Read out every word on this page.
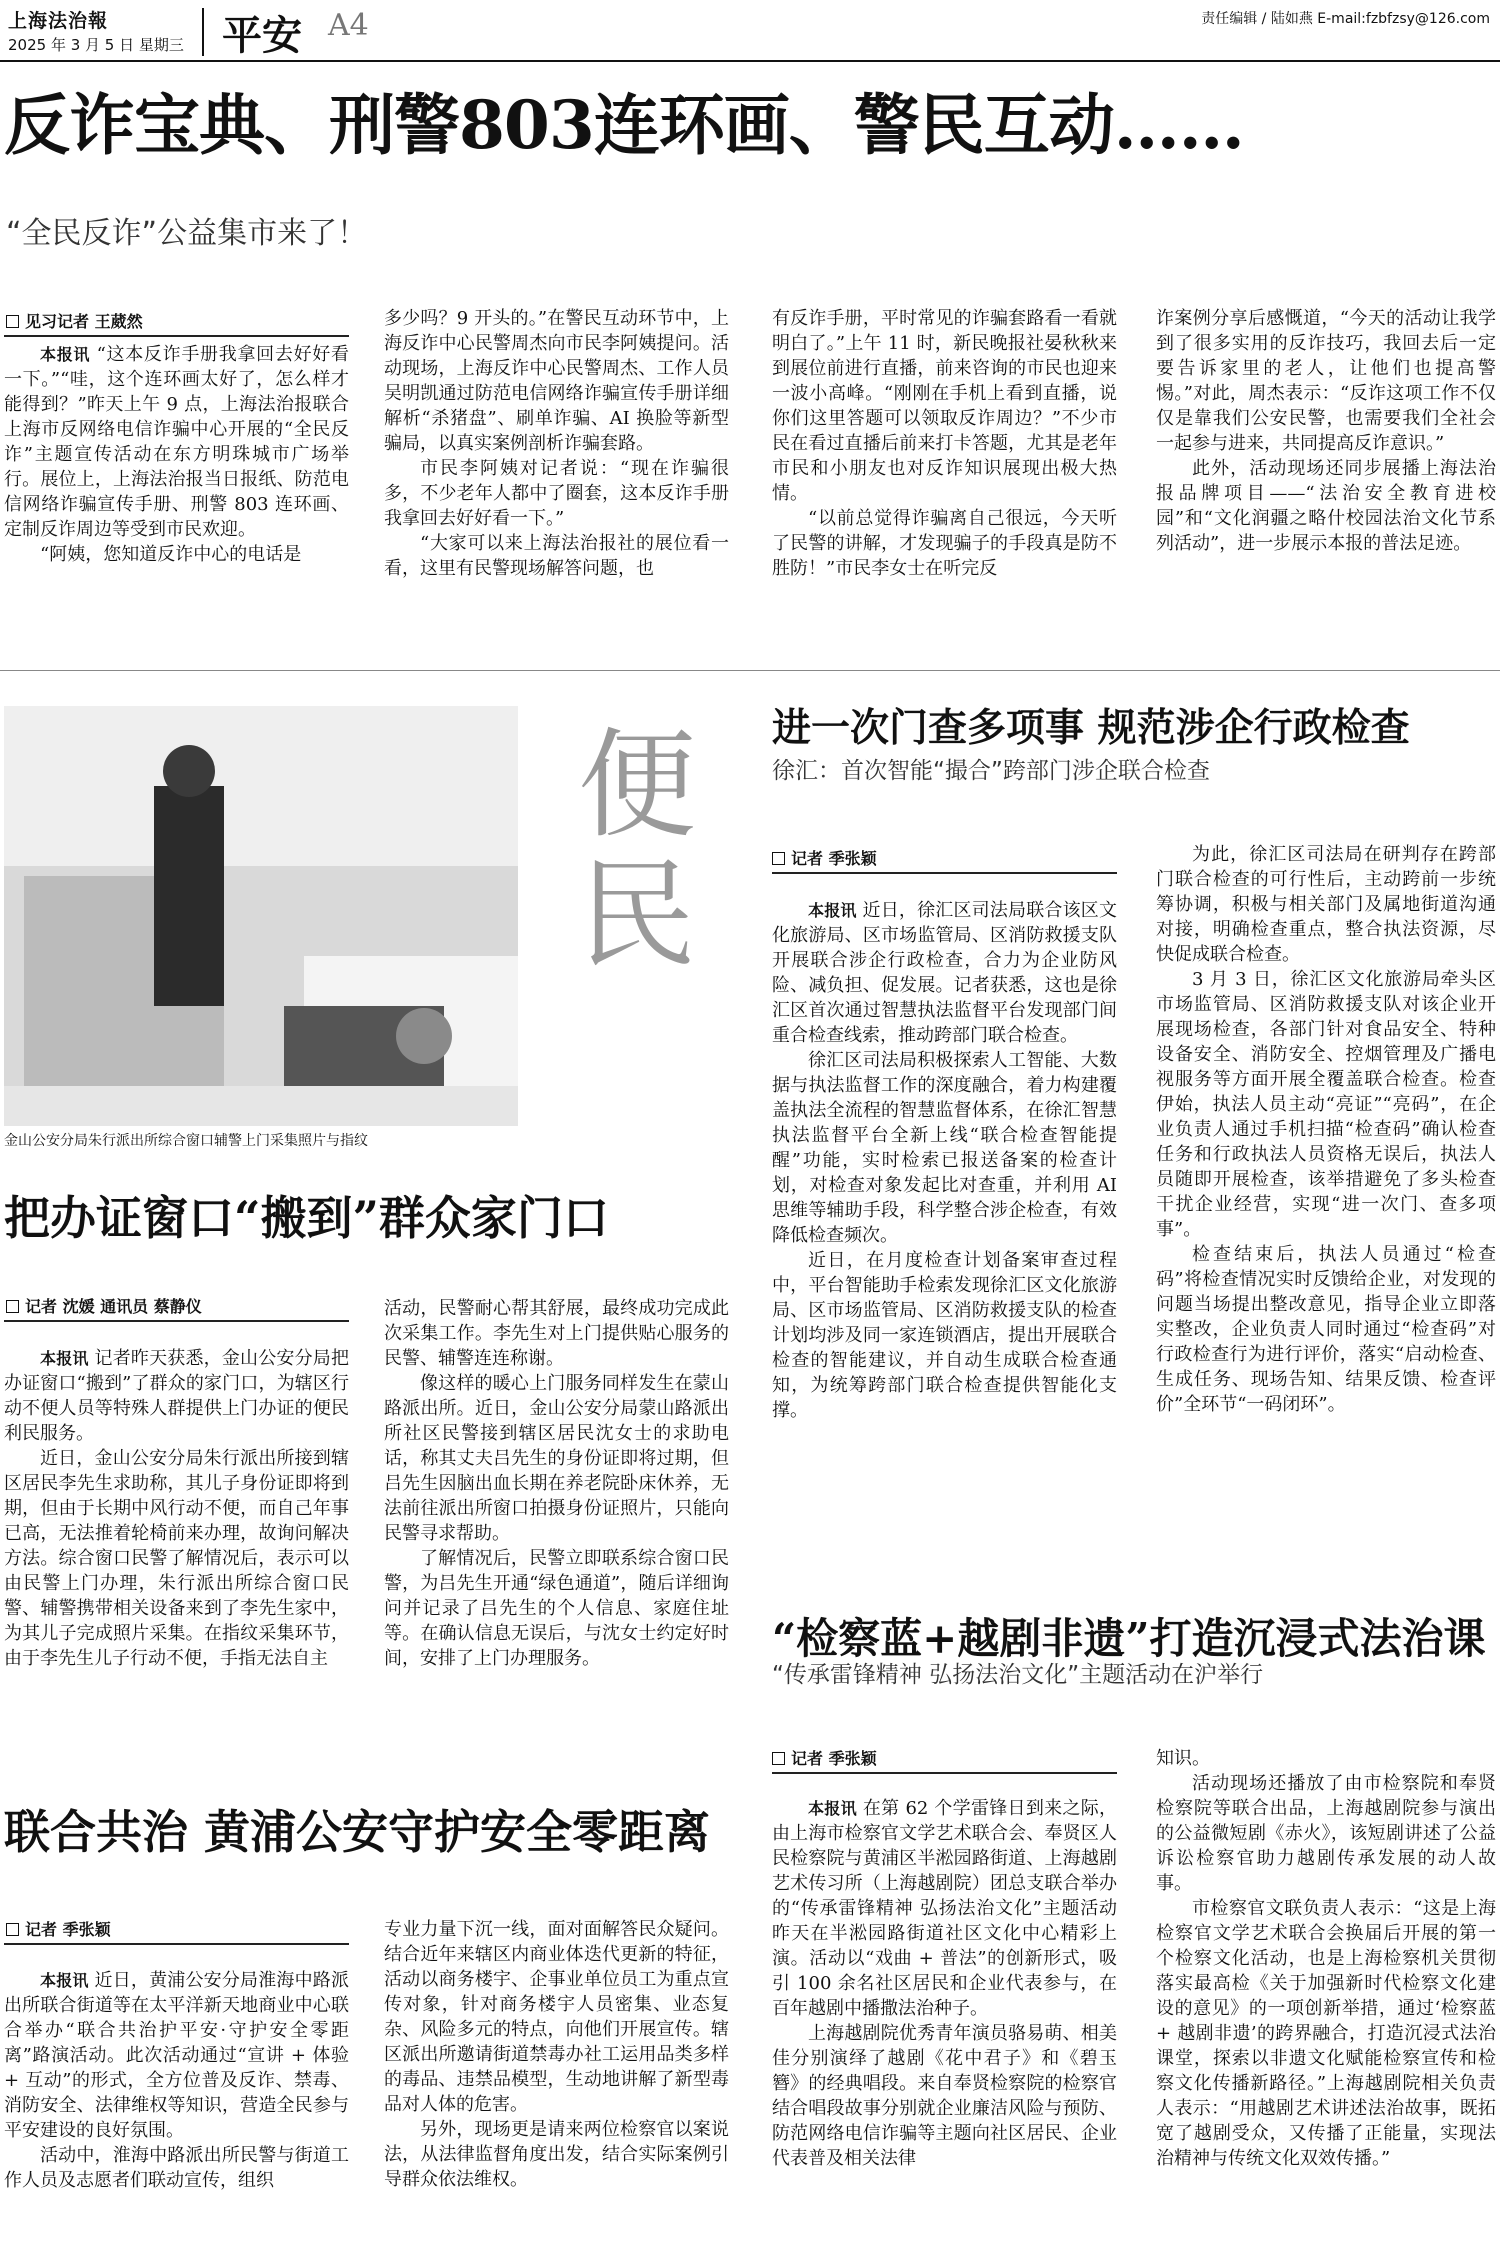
上海法治報
2025 年 3 月 5 日 星期三 平安 A4	责任编辑 / 陆如燕 E-mail:fzbfzsy@126.com
反诈宝典、刑警803连环画、警民互动……
“全民反诈”公益集市来了！
见习记者 王葳然

本报讯 “这本反诈手册我拿回去好好看一下。”“哇，这个连环画太好了，怎么样才能得到？”昨天上午 9 点，上海法治报联合上海市反网络电信诈骗中心开展的“全民反诈”主题宣传活动在东方明珠城市广场举行。展位上，上海法治报当日报纸、防范电信网络诈骗宣传手册、刑警 803 连环画、定制反诈周边等受到市民欢迎。

“阿姨，您知道反诈中心的电话是

多少吗？9 开头的。”在警民互动环节中，上海反诈中心民警周杰向市民李阿姨提问。活动现场，上海反诈中心民警周杰、工作人员吴明凯通过防范电信网络诈骗宣传手册详细解析“杀猪盘”、刷单诈骗、AI 换脸等新型骗局，以真实案例剖析诈骗套路。

市民李阿姨对记者说：“现在诈骗很多，不少老年人都中了圈套，这本反诈手册我拿回去好好看一下。”

“大家可以来上海法治报社的展位看一看，这里有民警现场解答问题，也

有反诈手册，平时常见的诈骗套路看一看就明白了。”上午 11 时，新民晚报社晏秋秋来到展位前进行直播，前来咨询的市民也迎来一波小高峰。“刚刚在手机上看到直播，说你们这里答题可以领取反诈周边？”不少市民在看过直播后前来打卡答题，尤其是老年市民和小朋友也对反诈知识展现出极大热情。

“以前总觉得诈骗离自己很远，今天听了民警的讲解，才发现骗子的手段真是防不胜防！”市民李女士在听完反

诈案例分享后感慨道，“今天的活动让我学到了很多实用的反诈技巧，我回去后一定要告诉家里的老人，让他们也提高警惕。”对此，周杰表示：“反诈这项工作不仅仅是靠我们公安民警，也需要我们全社会一起参与进来，共同提高反诈意识。”

此外，活动现场还同步展播上海法治报品牌项目——“法治安全教育进校园”和“文化润疆之略什校园法治文化节系列活动”，进一步展示本报的普法足迹。

金山公安分局朱行派出所综合窗口辅警上门采集照片与指纹
便民
把办证窗口“搬到”群众家门口
记者 沈媛 通讯员 蔡静仪

本报讯 记者昨天获悉，金山公安分局把办证窗口“搬到”了群众的家门口，为辖区行动不便人员等特殊人群提供上门办证的便民利民服务。

近日，金山公安分局朱行派出所接到辖区居民李先生求助称，其儿子身份证即将到期，但由于长期中风行动不便，而自己年事已高，无法推着轮椅前来办理，故询问解决方法。综合窗口民警了解情况后，表示可以由民警上门办理，朱行派出所综合窗口民警、辅警携带相关设备来到了李先生家中，为其儿子完成照片采集。在指纹采集环节，由于李先生儿子行动不便，手指无法自主

活动，民警耐心帮其舒展，最终成功完成此次采集工作。李先生对上门提供贴心服务的民警、辅警连连称谢。

像这样的暖心上门服务同样发生在蒙山路派出所。近日，金山公安分局蒙山路派出所社区民警接到辖区居民沈女士的求助电话，称其丈夫吕先生的身份证即将过期，但吕先生因脑出血长期在养老院卧床休养，无法前往派出所窗口拍摄身份证照片，只能向民警寻求帮助。

了解情况后，民警立即联系综合窗口民警，为吕先生开通“绿色通道”，随后详细询问并记录了吕先生的个人信息、家庭住址等。在确认信息无误后，与沈女士约定好时间，安排了上门办理服务。

进一次门查多项事 规范涉企行政检查
徐汇：首次智能“撮合”跨部门涉企联合检查
记者 季张颖

本报讯 近日，徐汇区司法局联合该区文化旅游局、区市场监管局、区消防救援支队开展联合涉企行政检查，合力为企业防风险、减负担、促发展。记者获悉，这也是徐汇区首次通过智慧执法监督平台发现部门间重合检查线索，推动跨部门联合检查。

徐汇区司法局积极探索人工智能、大数据与执法监督工作的深度融合，着力构建覆盖执法全流程的智慧监督体系，在徐汇智慧执法监督平台全新上线“联合检查智能提醒”功能，实时检索已报送备案的检查计划，对检查对象发起比对查重，并利用 AI 思维等辅助手段，科学整合涉企检查，有效降低检查频次。

近日，在月度检查计划备案审查过程中，平台智能助手检索发现徐汇区文化旅游局、区市场监管局、区消防救援支队的检查计划均涉及同一家连锁酒店，提出开展联合检查的智能建议，并自动生成联合检查通知，为统筹跨部门联合检查提供智能化支撑。

为此，徐汇区司法局在研判存在跨部门联合检查的可行性后，主动跨前一步统筹协调，积极与相关部门及属地街道沟通对接，明确检查重点，整合执法资源，尽快促成联合检查。

3 月 3 日，徐汇区文化旅游局牵头区市场监管局、区消防救援支队对该企业开展现场检查，各部门针对食品安全、特种设备安全、消防安全、控烟管理及广播电视服务等方面开展全覆盖联合检查。检查伊始，执法人员主动“亮证”“亮码”，在企业负责人通过手机扫描“检查码”确认检查任务和行政执法人员资格无误后，执法人员随即开展检查，该举措避免了多头检查干扰企业经营，实现“进一次门、查多项事”。

检查结束后，执法人员通过“检查码”将检查情况实时反馈给企业，对发现的问题当场提出整改意见，指导企业立即落实整改，企业负责人同时通过“检查码”对行政检查行为进行评价，落实“启动检查、生成任务、现场告知、结果反馈、检查评价”全环节“一码闭环”。

联合共治 黄浦公安守护安全零距离
记者 季张颖

本报讯 近日，黄浦公安分局淮海中路派出所联合街道等在太平洋新天地商业中心联合举办“联合共治护平安·守护安全零距离”路演活动。此次活动通过“宣讲 + 体验 + 互动”的形式，全方位普及反诈、禁毒、消防安全、法律维权等知识，营造全民参与平安建设的良好氛围。

活动中，淮海中路派出所民警与街道工作人员及志愿者们联动宣传，组织

专业力量下沉一线，面对面解答民众疑问。结合近年来辖区内商业体迭代更新的特征，活动以商务楼宇、企事业单位员工为重点宣传对象，针对商务楼宇人员密集、业态复杂、风险多元的特点，向他们开展宣传。辖区派出所邀请街道禁毒办社工运用品类多样的毒品、违禁品模型，生动地讲解了新型毒品对人体的危害。

另外，现场更是请来两位检察官以案说法，从法律监督角度出发，结合实际案例引导群众依法维权。

“检察蓝+越剧非遗”打造沉浸式法治课
“传承雷锋精神 弘扬法治文化”主题活动在沪举行
记者 季张颖

本报讯 在第 62 个学雷锋日到来之际，由上海市检察官文学艺术联合会、奉贤区人民检察院与黄浦区半淞园路街道、上海越剧艺术传习所（上海越剧院）团总支联合举办的“传承雷锋精神 弘扬法治文化”主题活动昨天在半淞园路街道社区文化中心精彩上演。活动以“戏曲 + 普法”的创新形式，吸引 100 余名社区居民和企业代表参与，在百年越剧中播撒法治种子。

上海越剧院优秀青年演员骆易萌、相美佳分别演绎了越剧《花中君子》和《碧玉簪》的经典唱段。来自奉贤检察院的检察官结合唱段故事分别就企业廉洁风险与预防、防范网络电信诈骗等主题向社区居民、企业代表普及相关法律

知识。

活动现场还播放了由市检察院和奉贤检察院等联合出品，上海越剧院参与演出的公益微短剧《赤火》，该短剧讲述了公益诉讼检察官助力越剧传承发展的动人故事。

市检察官文联负责人表示：“这是上海检察官文学艺术联合会换届后开展的第一个检察文化活动，也是上海检察机关贯彻落实最高检《关于加强新时代检察文化建设的意见》的一项创新举措，通过‘检察蓝 + 越剧非遗’的跨界融合，打造沉浸式法治课堂，探索以非遗文化赋能检察宣传和检察文化传播新路径。”上海越剧院相关负责人表示：“用越剧艺术讲述法治故事，既拓宽了越剧受众，又传播了正能量，实现法治精神与传统文化双效传播。”
